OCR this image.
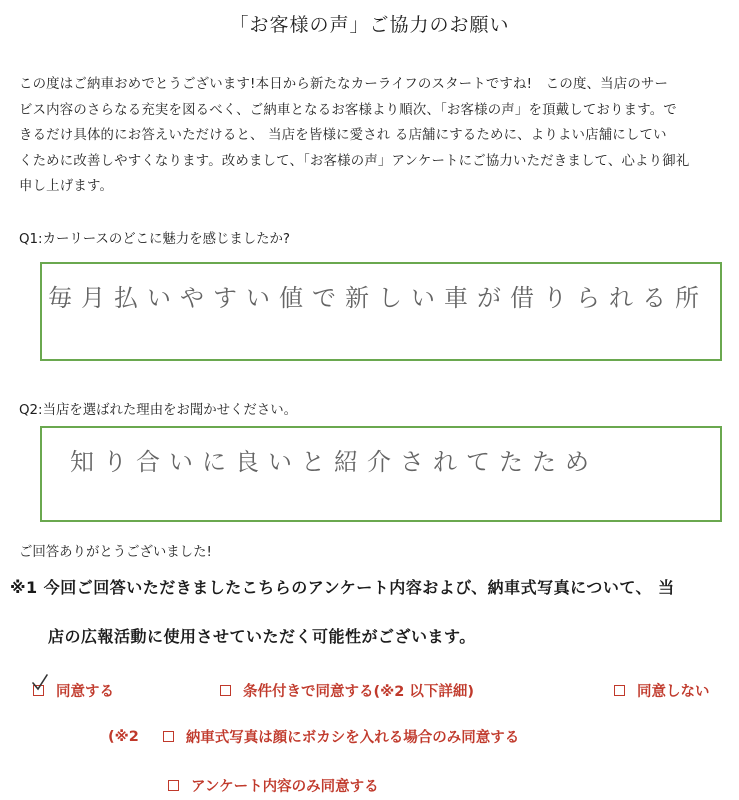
「お客様の声」ご協力のお願い
この度はご納車おめでとうございます!本日から新たなカーライフのスタートですね!　この度、当店のサー
ビス内容のさらなる充実を図るべく、ご納車となるお客様より順次、「お客様の声」を頂戴しております。で
きるだけ具体的にお答えいただけると、 当店を皆様に愛され る店舗にするために、よりよい店舗にしてい
くために改善しやすくなります。改めまして、「お客様の声」アンケートにご協力いただきまして、心より御礼
申し上げます。
Q1:カーリースのどこに魅力を感じましたか?
毎月払いやすい値で新しい車が借りられる所
Q2:当店を選ばれた理由をお聞かせください。
知り合いに良いと紹介されてたため
ご回答ありがとうございました!
※1 今回ご回答いただきましたこちらのアンケート内容および、納車式写真について、 当
店の広報活動に使用させていただく可能性がございます。
同意する	条件付きで同意する(※2 以下詳細)	同意しない
(※2	納車式写真は顔にボカシを入れる場合のみ同意する
アンケート内容のみ同意する
